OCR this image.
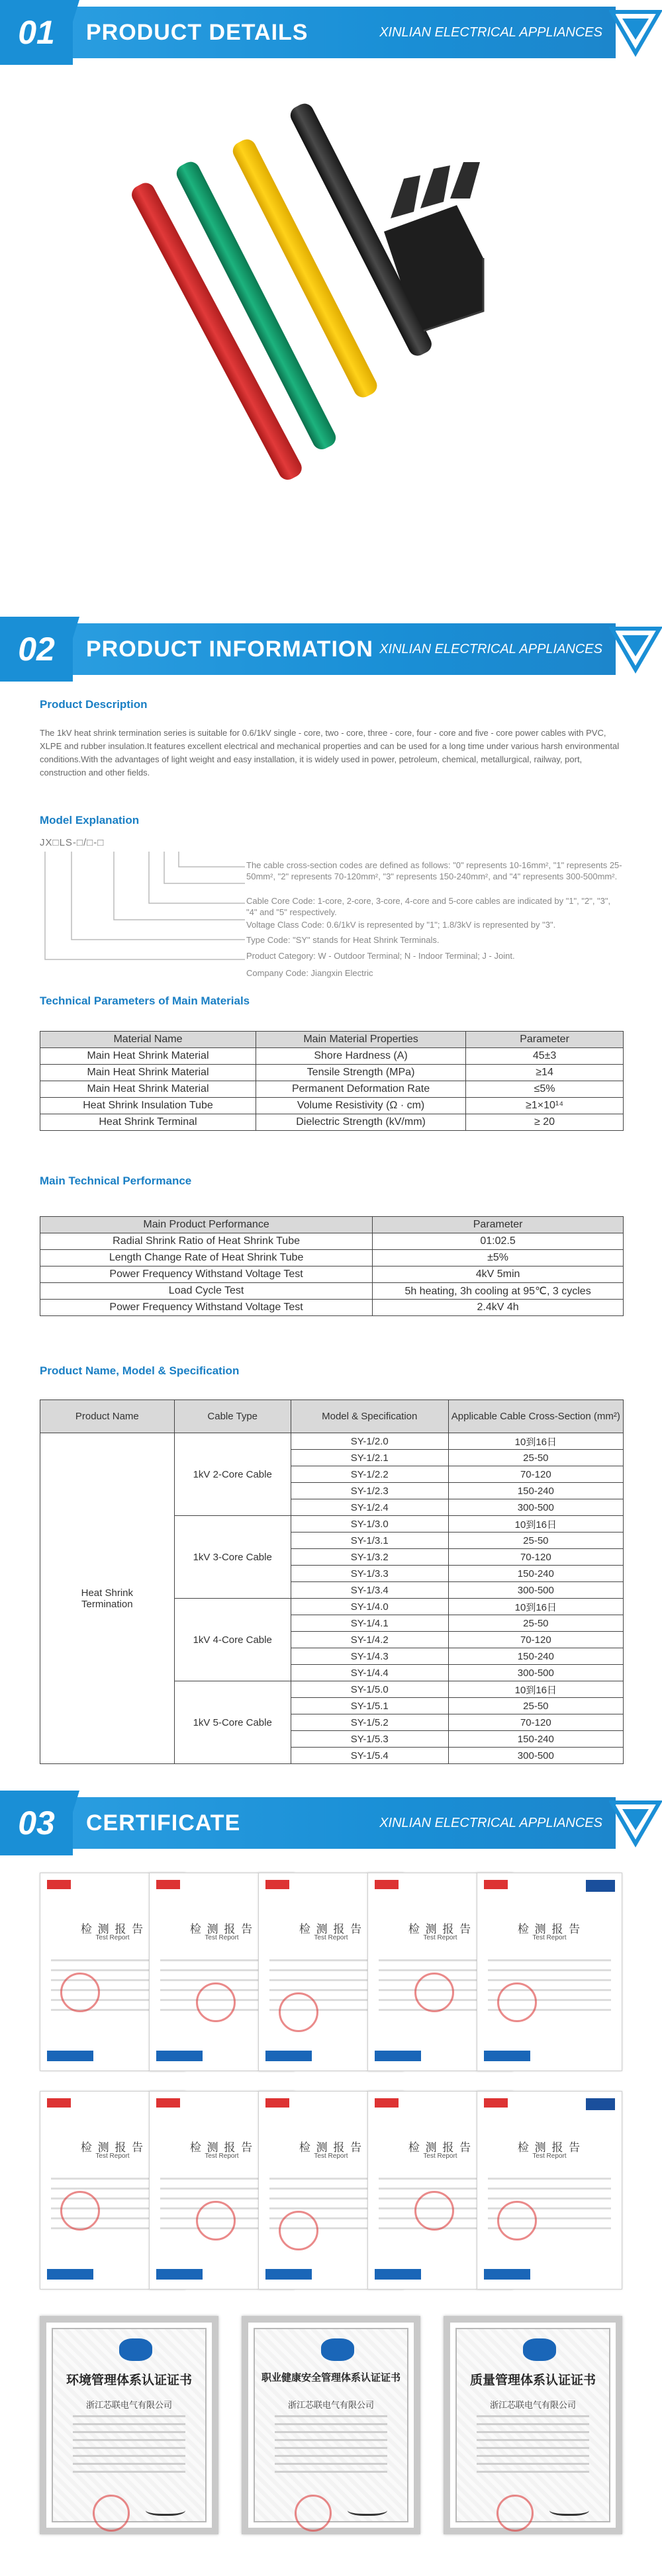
01	PRODUCT DETAILS	XINLIAN ELECTRICAL APPLIANCES
02	PRODUCT INFORMATION XINLIAN ELECTRICAL APPLIANCES
Product Description
The 1kV heat shrink termination series is suitable for 0.6/1kV single - core, two - core, three - core, four - core and five - core power cables with PVC, XLPE and rubber insulation.It features excellent electrical and mechanical properties and can be used for a long time under various harsh environmental conditions.With the advantages of light weight and easy installation, it is widely used in power, petroleum, chemical, metallurgical, railway, port, construction and other fields.
Model Explanation
JX□LS-□/□-□
The cable cross-section codes are defined as follows: "0" represents 10-16mm², "1" represents 25-50mm², "2" represents 70-120mm², "3" represents 150-240mm², and "4" represents 300-500mm².
Cable Core Code: 1-core, 2-core, 3-core, 4-core and 5-core cables are indicated by "1", "2", "3", "4" and "5" respectively.
Voltage Class Code: 0.6/1kV is represented by "1"; 1.8/3kV is represented by "3".
Type Code: "SY" stands for Heat Shrink Terminals.
Product Category: W - Outdoor Terminal; N - Indoor Terminal; J - Joint.
Company Code: Jiangxin Electric
Technical Parameters of Main Materials
Material Name	Main Material Properties	Parameter
Main Heat Shrink Material	Shore Hardness (A)	45±3
Main Heat Shrink Material	Tensile Strength (MPa)	≥14
Main Heat Shrink Material	Permanent Deformation Rate	≤5%
Heat Shrink Insulation Tube	Volume Resistivity (Ω · cm)	≥1×10¹⁴
Heat Shrink Terminal	Dielectric Strength (kV/mm)	≥ 20
Main Technical Performance
Main Product Performance	Parameter
Radial Shrink Ratio of Heat Shrink Tube	01:02.5
Length Change Rate of Heat Shrink Tube	±5%
Power Frequency Withstand Voltage Test	4kV 5min
Load Cycle Test	5h heating, 3h cooling at 95℃, 3 cycles
Power Frequency Withstand Voltage Test	2.4kV 4h
Product Name, Model & Specification
Product Name	Cable Type	Model & Specification	Applicable Cable Cross-Section (mm²)
Heat Shrink Termination	1kV 2-Core Cable	SY-1/2.0	10到16日
		SY-1/2.1	25-50
		SY-1/2.2	70-120
		SY-1/2.3	150-240
		SY-1/2.4	300-500
	1kV 3-Core Cable	SY-1/3.0	10到16日
		SY-1/3.1	25-50
		SY-1/3.2	70-120
		SY-1/3.3	150-240
		SY-1/3.4	300-500
	1kV 4-Core Cable	SY-1/4.0	10到16日
		SY-1/4.1	25-50
		SY-1/4.2	70-120
		SY-1/4.3	150-240
		SY-1/4.4	300-500
	1kV 5-Core Cable	SY-1/5.0	10到16日
		SY-1/5.1	25-50
		SY-1/5.2	70-120
		SY-1/5.3	150-240
		SY-1/5.4	300-500
03	CERTIFICATE	XINLIAN ELECTRICAL APPLIANCES
检 测 报 告
Test Report
检 测 报 告
Test Report
检 测 报 告
Test Report
检 测 报 告
Test Report
检 测 报 告
Test Report
检 测 报 告
Test Report
检 测 报 告
Test Report
检 测 报 告
Test Report
检 测 报 告
Test Report
检 测 报 告
Test Report
环境管理体系认证证书
浙江芯联电气有限公司
职业健康安全管理体系认证证书
浙江芯联电气有限公司
质量管理体系认证证书
浙江芯联电气有限公司
